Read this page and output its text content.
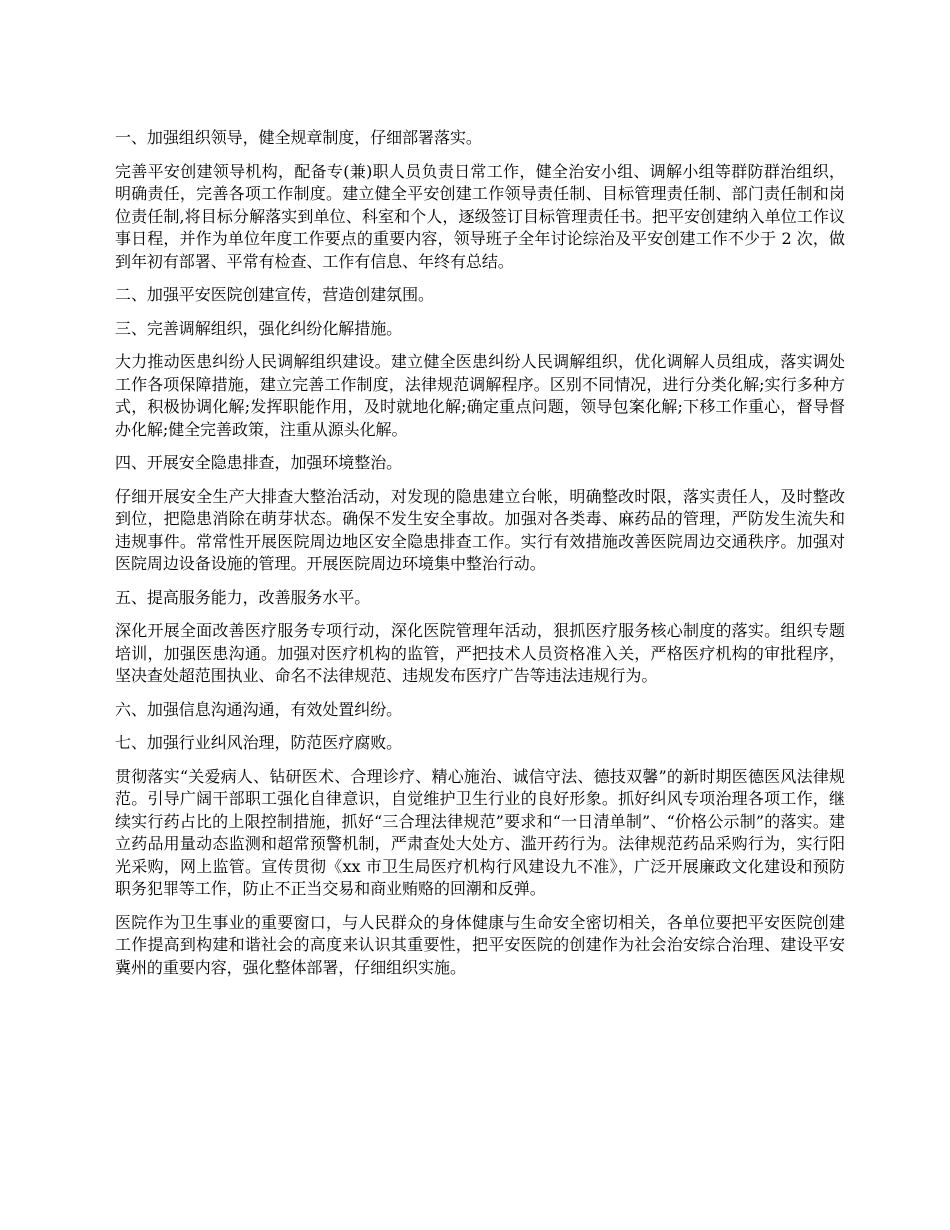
一、加强组织领导，健全规章制度，仔细部署落实。

完善平安创建领导机构，配备专(兼)职人员负责日常工作，健全治安小组、调解小组等群防群治组织，明确责任，完善各项工作制度。建立健全平安创建工作领导责任制、目标管理责任制、部门责任制和岗位责任制,将目标分解落实到单位、科室和个人，逐级签订目标管理责任书。把平安创建纳入单位工作议事日程，并作为单位年度工作要点的重要内容，领导班子全年讨论综治及平安创建工作不少于 2 次，做到年初有部署、平常有检查、工作有信息、年终有总结。

二、加强平安医院创建宣传，营造创建氛围。

三、完善调解组织，强化纠纷化解措施。

大力推动医患纠纷人民调解组织建设。建立健全医患纠纷人民调解组织，优化调解人员组成，落实调处工作各项保障措施，建立完善工作制度，法律规范调解程序。区别不同情况，进行分类化解;实行多种方式，积极协调化解;发挥职能作用，及时就地化解;确定重点问题，领导包案化解;下移工作重心，督导督办化解;健全完善政策，注重从源头化解。

四、开展安全隐患排查，加强环境整治。

仔细开展安全生产大排查大整治活动，对发现的隐患建立台帐，明确整改时限，落实责任人，及时整改到位，把隐患消除在萌芽状态。确保不发生安全事故。加强对各类毒、麻药品的管理，严防发生流失和违规事件。常常性开展医院周边地区安全隐患排查工作。实行有效措施改善医院周边交通秩序。加强对医院周边设备设施的管理。开展医院周边环境集中整治行动。

五、提高服务能力，改善服务水平。

深化开展全面改善医疗服务专项行动，深化医院管理年活动，狠抓医疗服务核心制度的落实。组织专题培训，加强医患沟通。加强对医疗机构的监管，严把技术人员资格准入关，严格医疗机构的审批程序，坚决查处超范围执业、命名不法律规范、违规发布医疗广告等违法违规行为。

六、加强信息沟通沟通，有效处置纠纷。

七、加强行业纠风治理，防范医疗腐败。

贯彻落实“关爱病人、钻研医术、合理诊疗、精心施治、诚信守法、德技双馨”的新时期医德医风法律规范。引导广阔干部职工强化自律意识，自觉维护卫生行业的良好形象。抓好纠风专项治理各项工作，继续实行药占比的上限控制措施，抓好“三合理法律规范”要求和“一日清单制”、“价格公示制”的落实。建立药品用量动态监测和超常预警机制，严肃查处大处方、滥开药行为。法律规范药品采购行为，实行阳光采购，网上监管。宣传贯彻《xx 市卫生局医疗机构行风建设九不准》，广泛开展廉政文化建设和预防职务犯罪等工作，防止不正当交易和商业贿赂的回潮和反弹。

医院作为卫生事业的重要窗口，与人民群众的身体健康与生命安全密切相关，各单位要把平安医院创建工作提高到构建和谐社会的高度来认识其重要性，把平安医院的创建作为社会治安综合治理、建设平安冀州的重要内容，强化整体部署，仔细组织实施。
